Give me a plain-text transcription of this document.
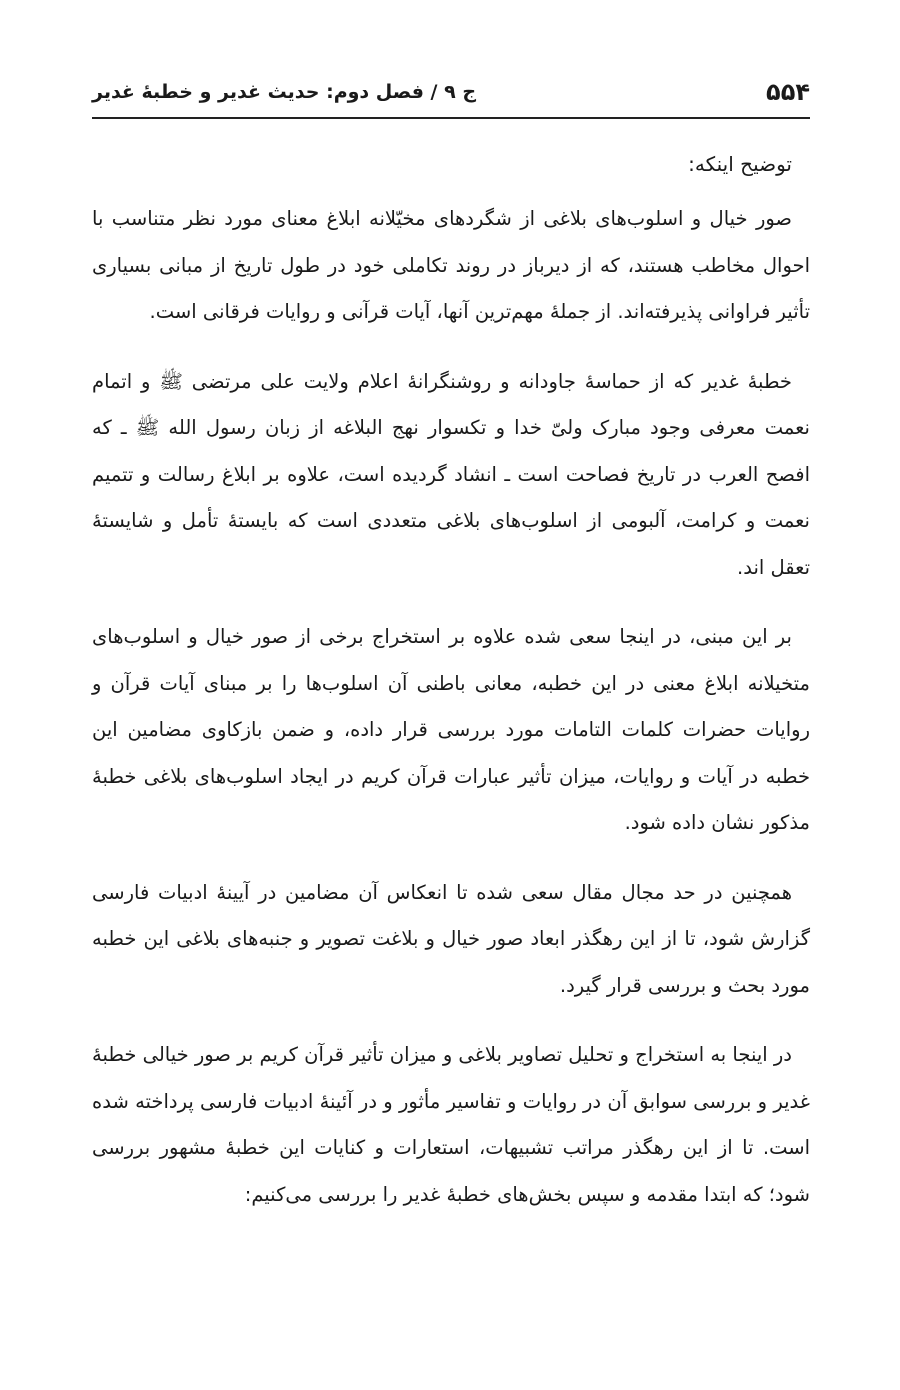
۵۵۴
ج ۹ / فصل دوم: حدیث غدیر و خطبهٔ غدیر

توضیح اینکه:

صور خیال و اسلوب‌های بلاغی از شگردهای مخیّلانه ابلاغ معنای مورد نظر متناسب با احوال مخاطب هستند، که از دیرباز در روند تکاملی خود در طول تاریخ از مبانی بسیاری تأثیر فراوانی پذیرفته‌اند. از جملهٔ مهم‌ترین آنها، آیات قرآنی و روایات فرقانی است.

خطبهٔ غدیر که از حماسهٔ جاودانه و روشنگرانهٔ اعلام ولایت علی مرتضی ﷺ و اتمام نعمت معرفی وجود مبارک ولیّ خدا و تکسوار نهج البلاغه از زبان رسول الله ﷺ ـ که افصح العرب در تاریخ فصاحت است ـ انشاد گردیده است، علاوه بر ابلاغ رسالت و تتمیم نعمت و کرامت، آلبومی از اسلوب‌های بلاغی متعددی است که بایستهٔ تأمل و شایستهٔ تعقل اند.

بر این مبنی، در اینجا سعی شده علاوه بر استخراج برخی از صور خیال و اسلوب‌های متخیلانه ابلاغ معنی در این خطبه، معانی باطنی آن اسلوب‌ها را بر مبنای آیات قرآن و روایات حضرات کلمات التامات مورد بررسی قرار داده، و ضمن بازکاوی مضامین این خطبه در آیات و روایات، میزان تأثیر عبارات قرآن کریم در ایجاد اسلوب‌های بلاغی خطبهٔ مذکور نشان داده شود.

همچنین در حد مجال مقال سعی شده تا انعکاس آن مضامین در آیینهٔ ادبیات فارسی گزارش شود، تا از این رهگذر ابعاد صور خیال و بلاغت تصویر و جنبه‌های بلاغی این خطبه مورد بحث و بررسی قرار گیرد.

در اینجا به استخراج و تحلیل تصاویر بلاغی و میزان تأثیر قرآن کریم بر صور خیالی خطبهٔ غدیر و بررسی سوابق آن در روایات و تفاسیر مأثور و در آئینهٔ ادبیات فارسی پرداخته شده است. تا از این رهگذر مراتب تشبیهات، استعارات و کنایات این خطبهٔ مشهور بررسی شود؛ که ابتدا مقدمه و سپس بخش‌های خطبهٔ غدیر را بررسی می‌کنیم:
